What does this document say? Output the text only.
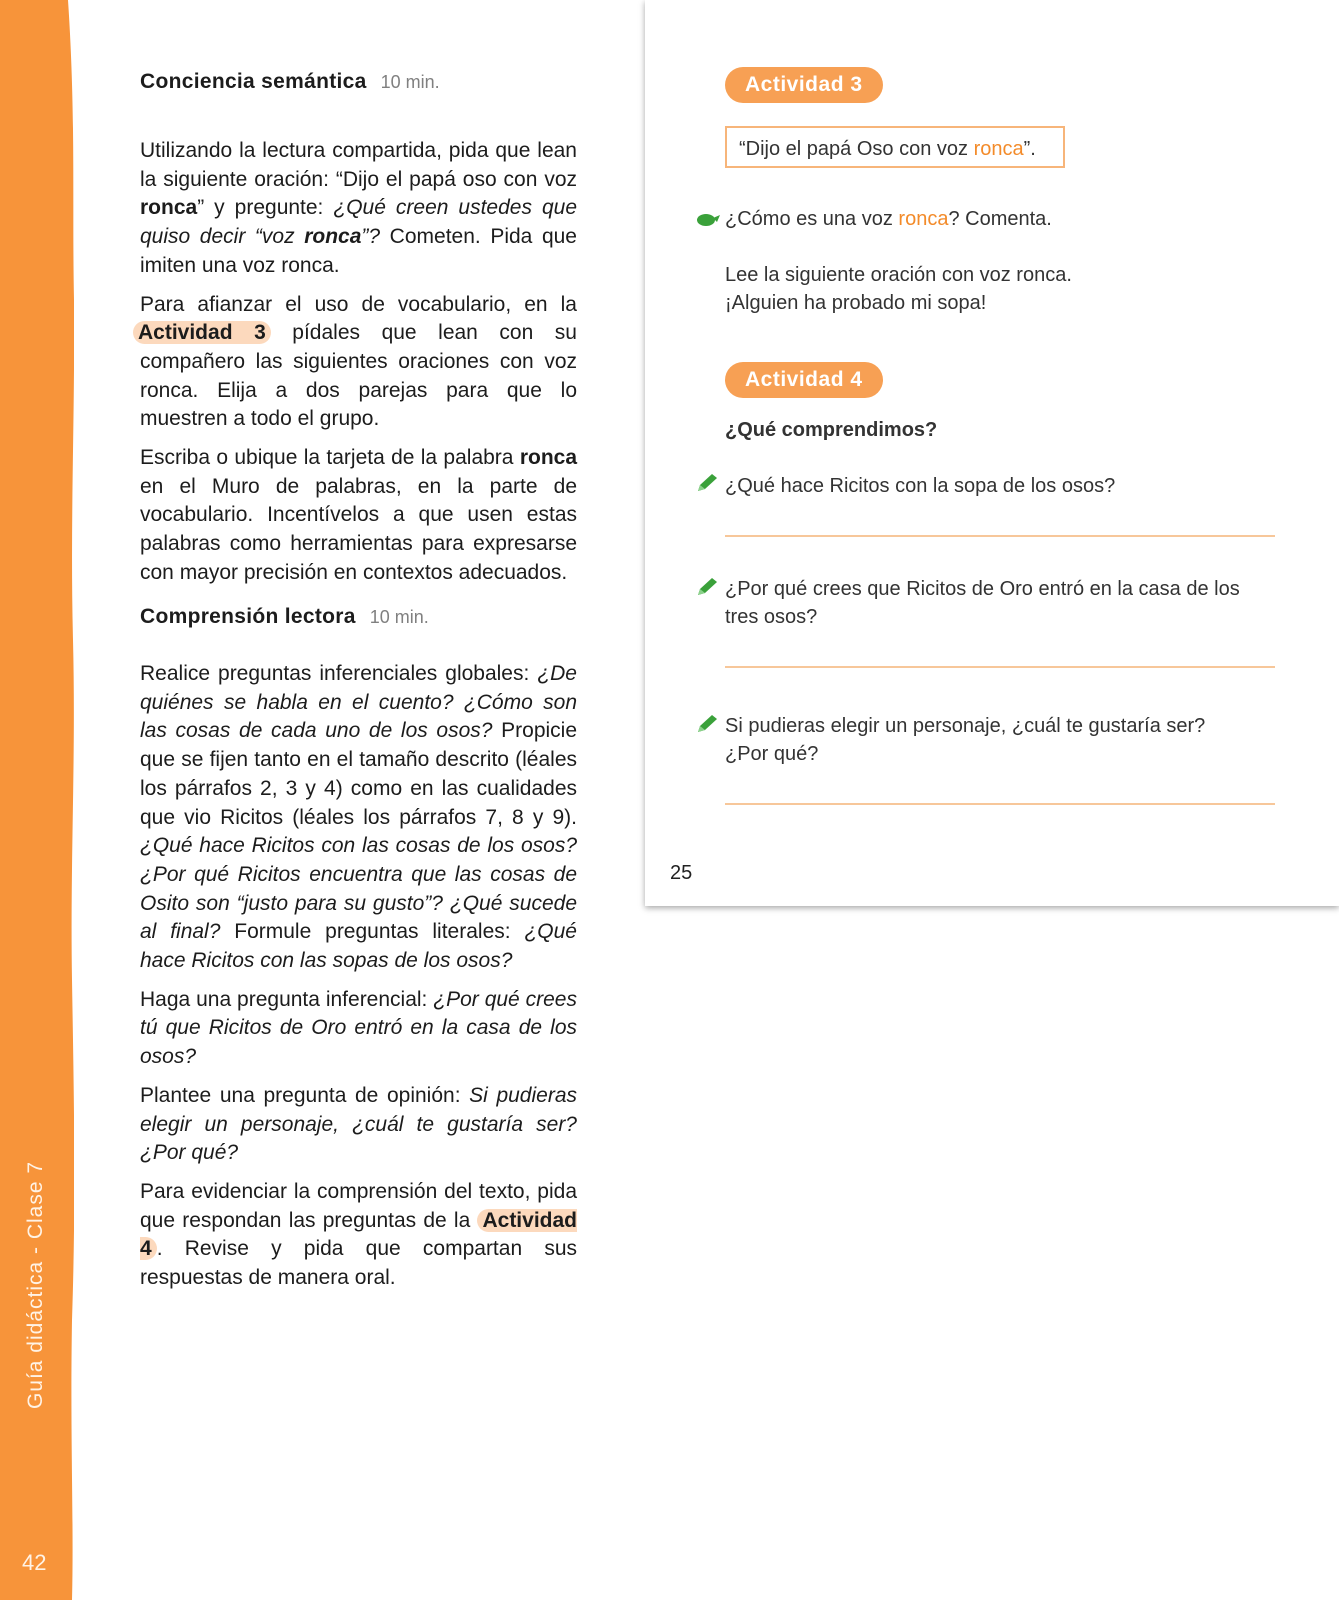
Guía didáctica - Clase 7
42
Conciencia semántica 10 min.

Utilizando la lectura compartida, pida que lean la siguiente oración: “Dijo el papá oso con voz ronca” y pregunte: ¿Qué creen ustedes que quiso decir “voz ronca”? Cometen. Pida que imiten una voz ronca.

Para afianzar el uso de vocabulario, en la Actividad 3 pídales que lean con su compañero las siguientes oraciones con voz ronca. Elija a dos parejas para que lo muestren a todo el grupo.

Escriba o ubique la tarjeta de la palabra ronca en el Muro de palabras, en la parte de vocabulario. Incentívelos a que usen estas palabras como herramientas para expresarse con mayor precisión en contextos adecuados.

Comprensión lectora 10 min.

Realice preguntas inferenciales globales: ¿De quiénes se habla en el cuento? ¿Cómo son las cosas de cada uno de los osos? Propicie que se fijen tanto en el tamaño descrito (léales los párrafos 2, 3 y 4) como en las cualidades que vio Ricitos (léales los párrafos 7, 8 y 9). ¿Qué hace Ricitos con las cosas de los osos? ¿Por qué Ricitos encuentra que las cosas de Osito son “justo para su gusto”? ¿Qué sucede al final? Formule preguntas literales: ¿Qué hace Ricitos con las sopas de los osos?

Haga una pregunta inferencial: ¿Por qué crees tú que Ricitos de Oro entró en la casa de los osos?

Plantee una pregunta de opinión: Si pudieras elegir un personaje, ¿cuál te gustaría ser? ¿Por qué?

Para evidenciar la comprensión del texto, pida que respondan las preguntas de la Actividad 4 . Revise y pida que compartan sus respuestas de manera oral.

Actividad 3
“Dijo el papá Oso con voz ronca”.
¿Cómo es una voz ronca? Comenta.
Lee la siguiente oración con voz ronca.
¡Alguien ha probado mi sopa!
Actividad 4
¿Qué comprendimos?
¿Qué hace Ricitos con la sopa de los osos?
¿Por qué crees que Ricitos de Oro entró en la casa de los
tres osos?
Si pudieras elegir un personaje, ¿cuál te gustaría ser?
¿Por qué?
25
